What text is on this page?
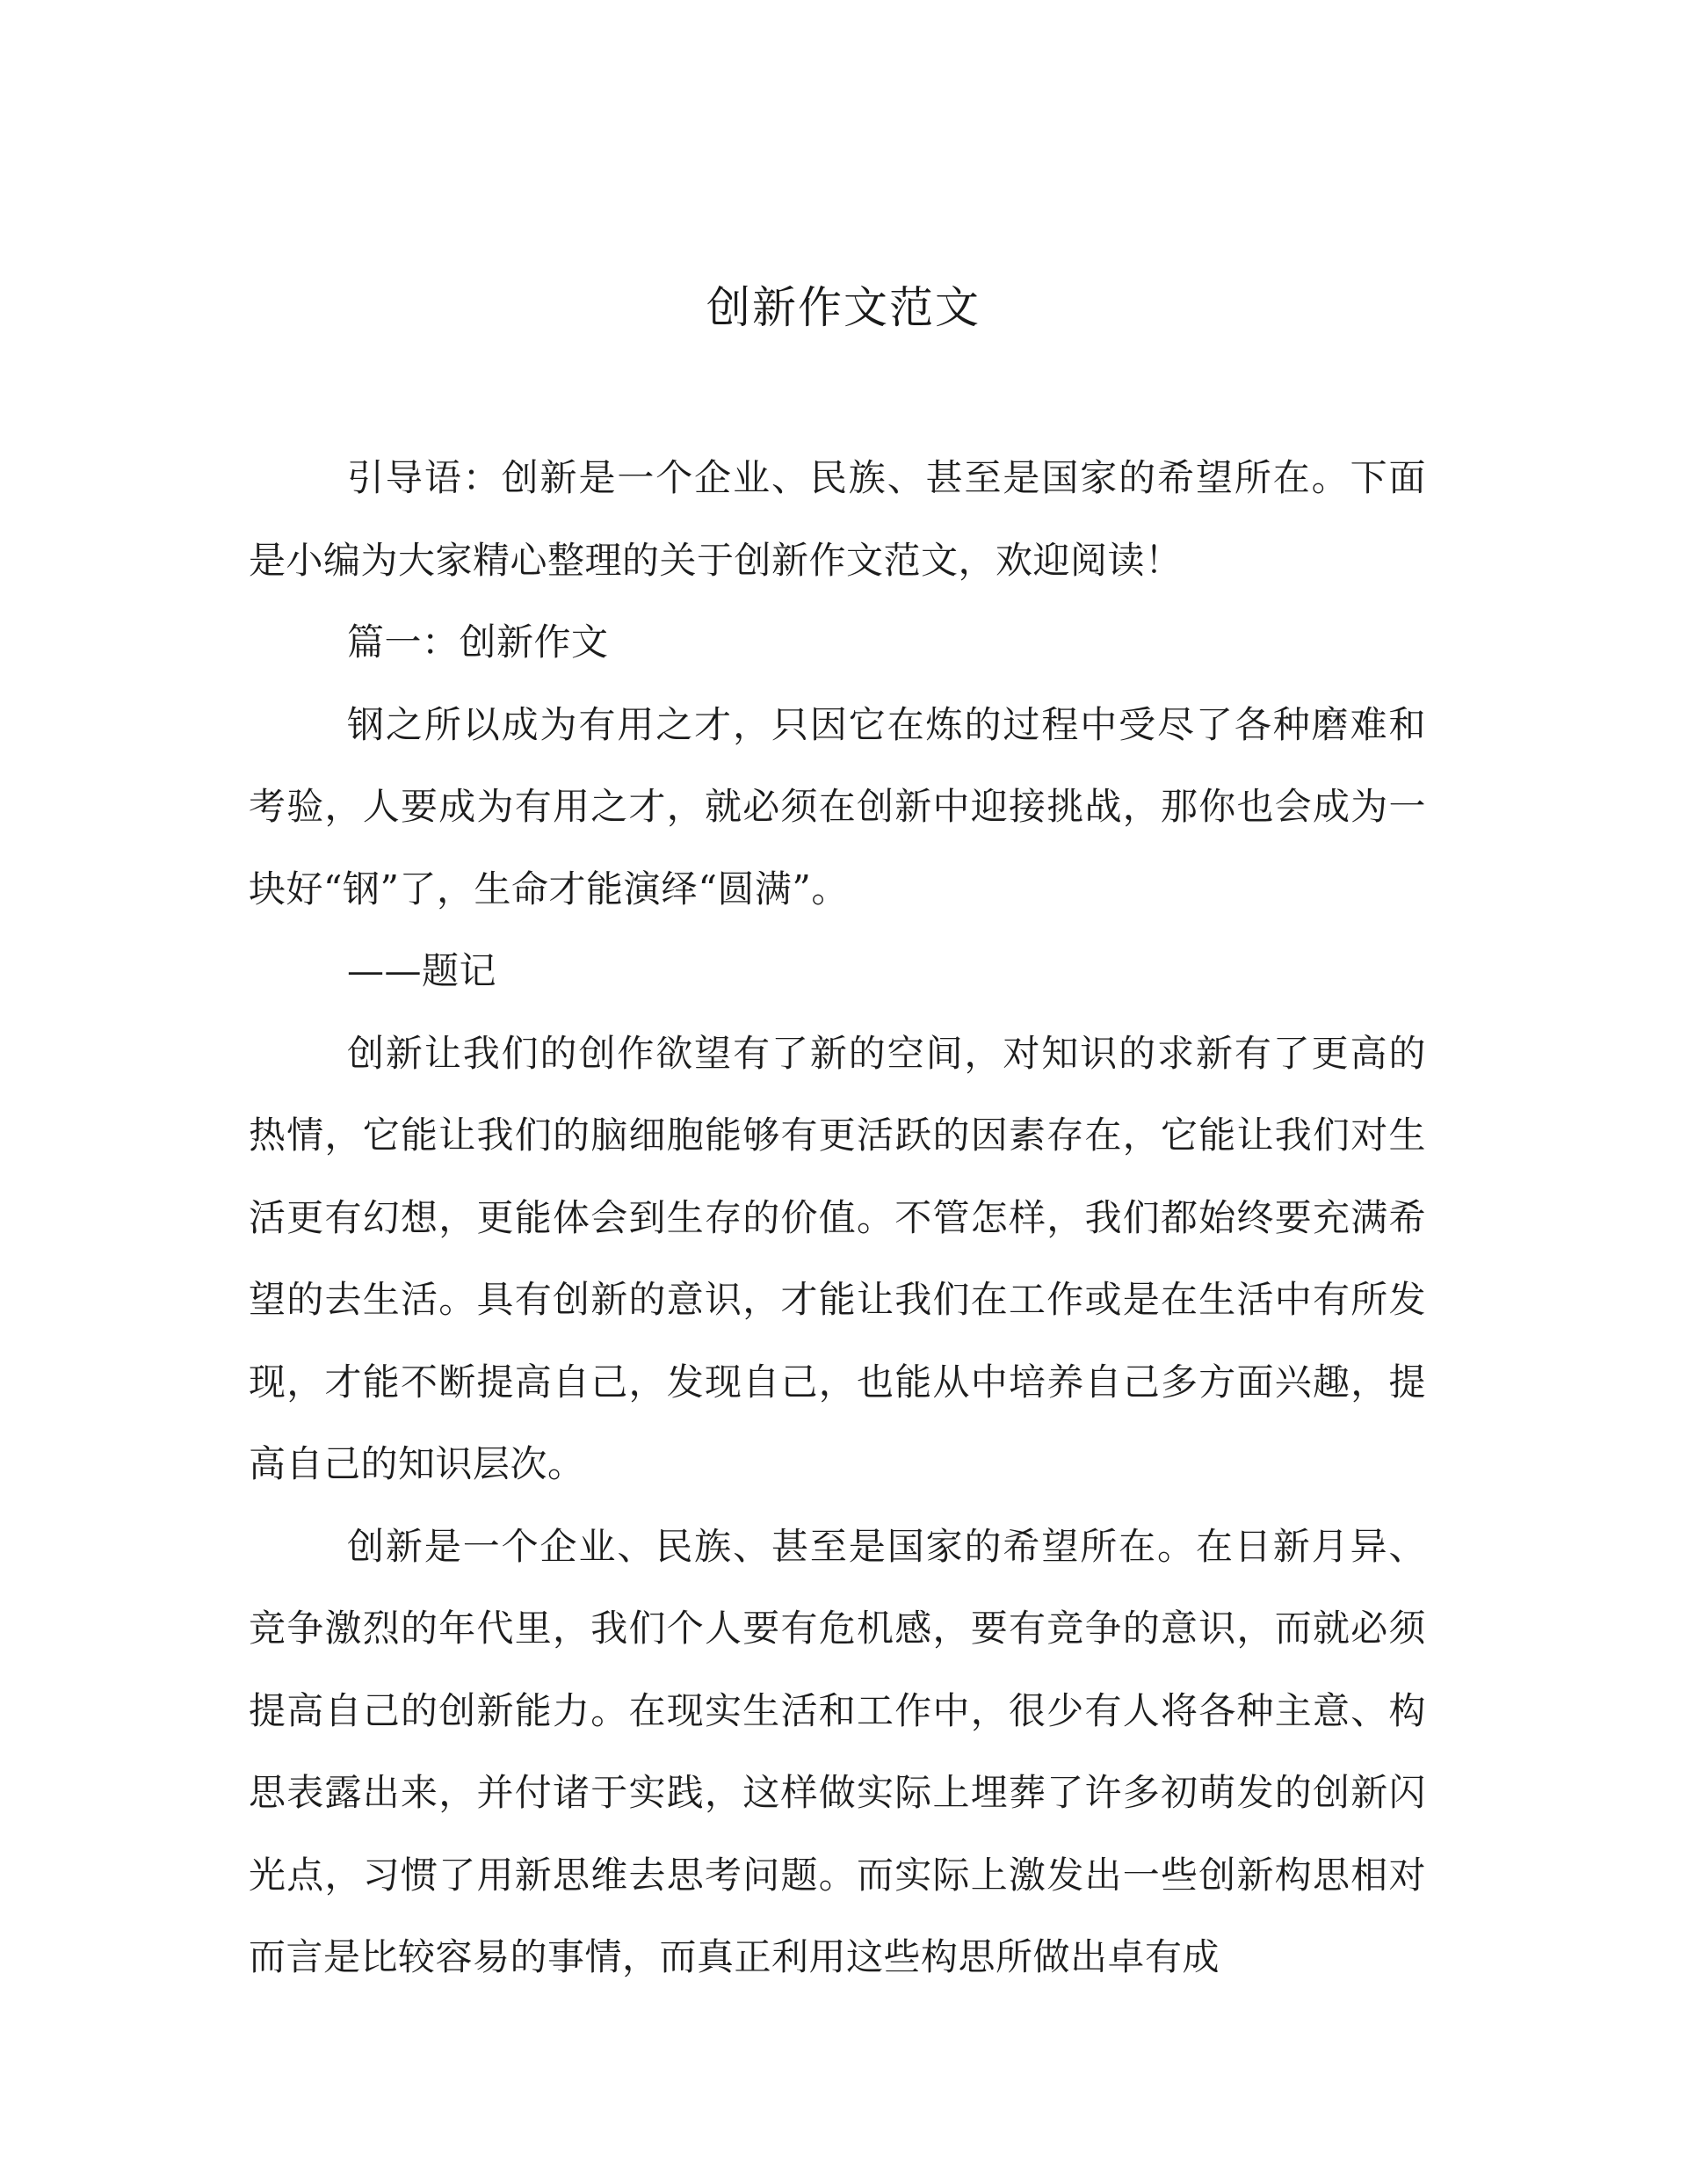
创新作文范文

引导语：创新是一个企业、民族、甚至是国家的希望所在。下面是小编为大家精心整理的关于创新作文范文，欢迎阅读！

篇一：创新作文

钢之所以成为有用之才，只因它在炼的过程中受尽了各种磨难和考验，人要成为有用之才，就必须在创新中迎接挑战，那你也会成为一块好“钢”了，生命才能演绎“圆满”。

——题记

创新让我们的创作欲望有了新的空间，对知识的求新有了更高的热情，它能让我们的脑细胞能够有更活跃的因素存在，它能让我们对生活更有幻想，更能体会到生存的价值。不管怎样，我们都始终要充满希望的去生活。具有创新的意识，才能让我们在工作或是在生活中有所发现，才能不断提高自己，发现自己，也能从中培养自己多方面兴趣，提高自己的知识层次。

创新是一个企业、民族、甚至是国家的希望所在。在日新月异、竞争激烈的年代里，我们个人要有危机感，要有竞争的意识，而就必须提高自己的创新能力。在现实生活和工作中，很少有人将各种主意、构思表露出来，并付诸于实践，这样做实际上埋葬了许多初萌发的创新闪光点，习惯了用新思维去思考问题。而实际上激发出一些创新构思相对而言是比较容易的事情，而真正利用这些构思所做出卓有成
